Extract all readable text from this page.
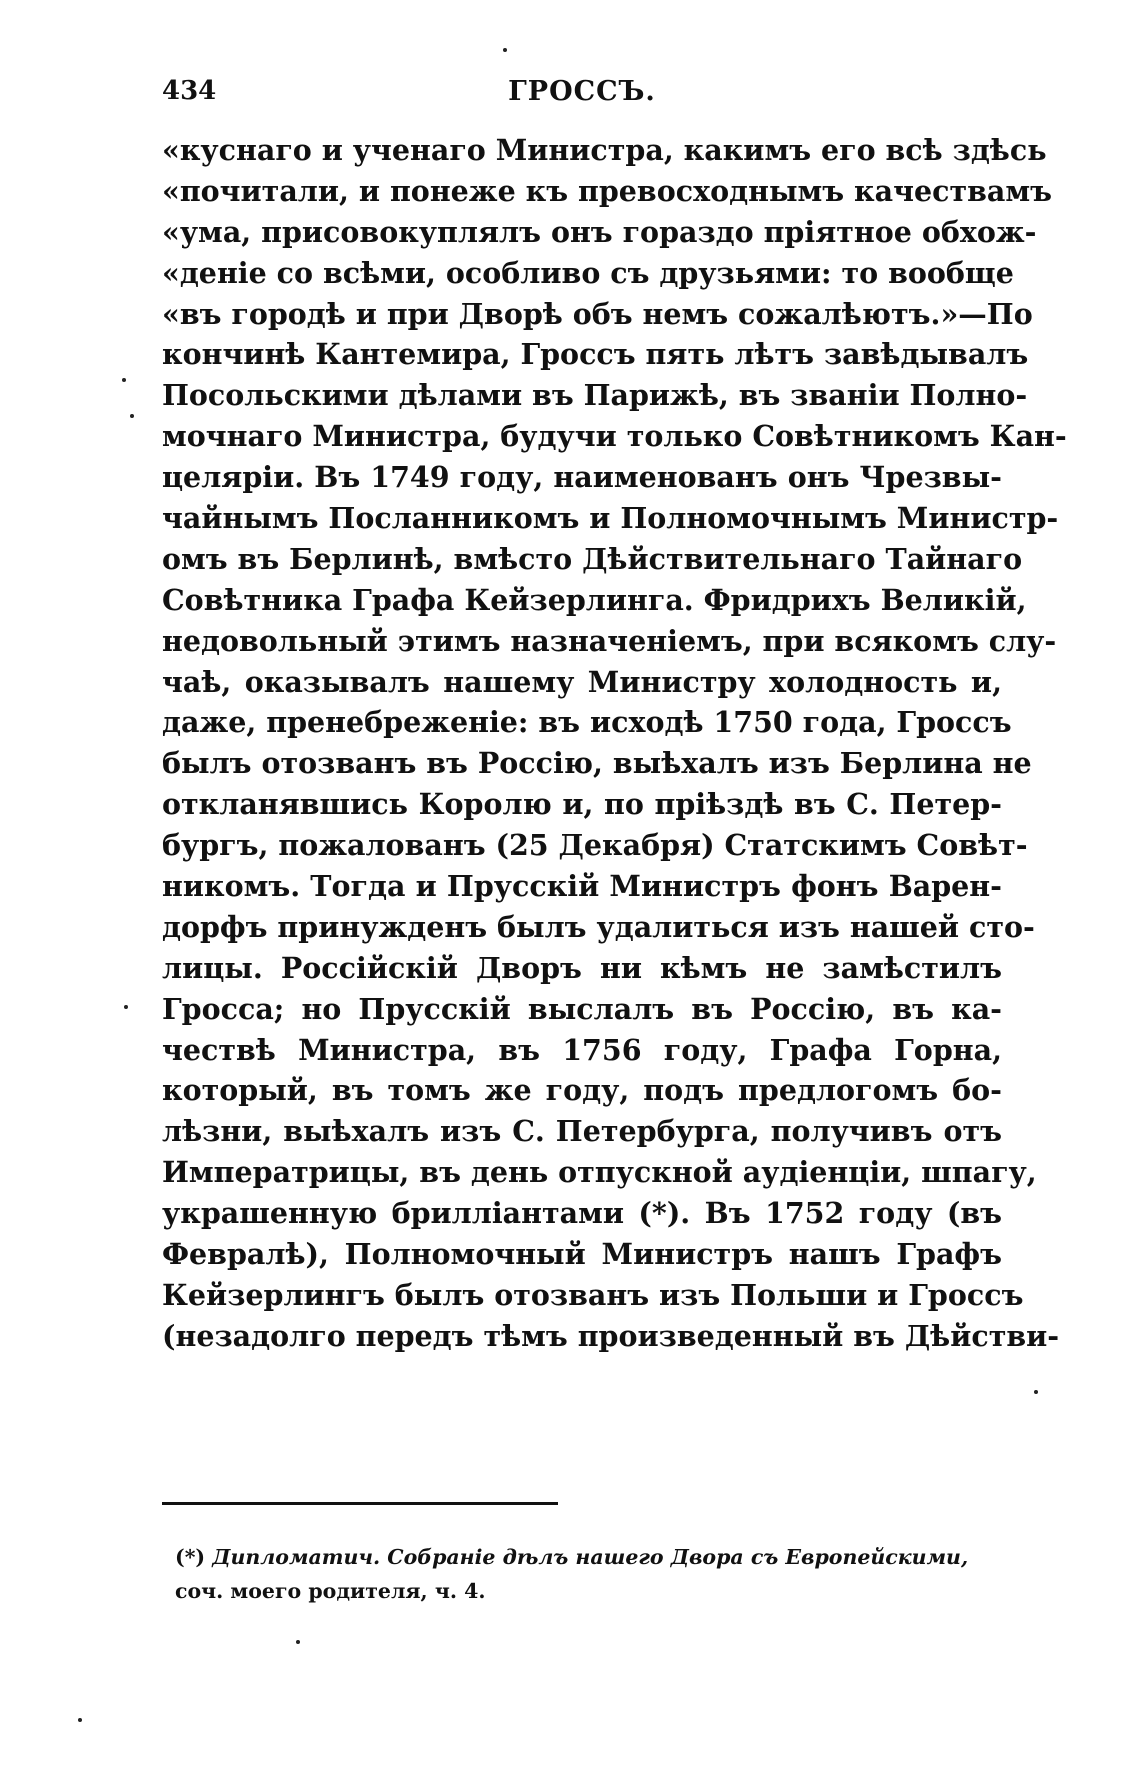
434	ГРОССЪ.
«куснаго и ученаго Министра, какимъ его всѣ здѣсь
«почитали, и понеже къ превосходнымъ качествамъ
«ума, присовокуплялъ онъ гораздо пріятное обхож-
«деніе со всѣми, особливо съ друзьями: то вообще
«въ городѣ и при Дворѣ объ немъ сожалѣютъ.»—По
кончинѣ Кантемира, Гроссъ пять лѣтъ завѣдывалъ
Посольскими дѣлами въ Парижѣ, въ званіи Полно-
мочнаго Министра, будучи только Совѣтникомъ Кан-
целяріи. Въ 1749 году, наименованъ онъ Чрезвы-
чайнымъ Посланникомъ и Полномочнымъ Министр-
омъ въ Берлинѣ, вмѣсто Дѣйствительнаго Тайнаго
Совѣтника Графа Кейзерлинга. Фридрихъ Великій,
недовольный этимъ назначеніемъ, при всякомъ слу-
чаѣ, оказывалъ нашему Министру холодность и,
даже, пренебреженіе: въ исходѣ 1750 года, Гроссъ
былъ отозванъ въ Россію, выѣхалъ изъ Берлина не
откланявшись Королю и, по пріѣздѣ въ С. Петер-
бургъ, пожалованъ (25 Декабря) Статскимъ Совѣт-
никомъ. Тогда и Прусскій Министръ фонъ Варен-
дорфъ принужденъ былъ удалиться изъ нашей сто-
лицы. Россійскій Дворъ ни кѣмъ не замѣстилъ
Гросса; но Прусскій выслалъ въ Россію, въ ка-
чествѣ Министра, въ 1756 году, Графа Горна,
который, въ томъ же году, подъ предлогомъ бо-
лѣзни, выѣхалъ изъ С. Петербурга, получивъ отъ
Императрицы, въ день отпускной аудіенціи, шпагу,
украшенную брилліантами (*). Въ 1752 году (въ
Февралѣ), Полномочный Министръ нашъ Графъ
Кейзерлингъ былъ отозванъ изъ Польши и Гроссъ
(незадолго передъ тѣмъ произведенный въ Дѣйстви-
(*) Дипломатич. Собраніе дѣлъ нашего Двора съ Европейскими,
соч. моего родителя, ч. 4.
